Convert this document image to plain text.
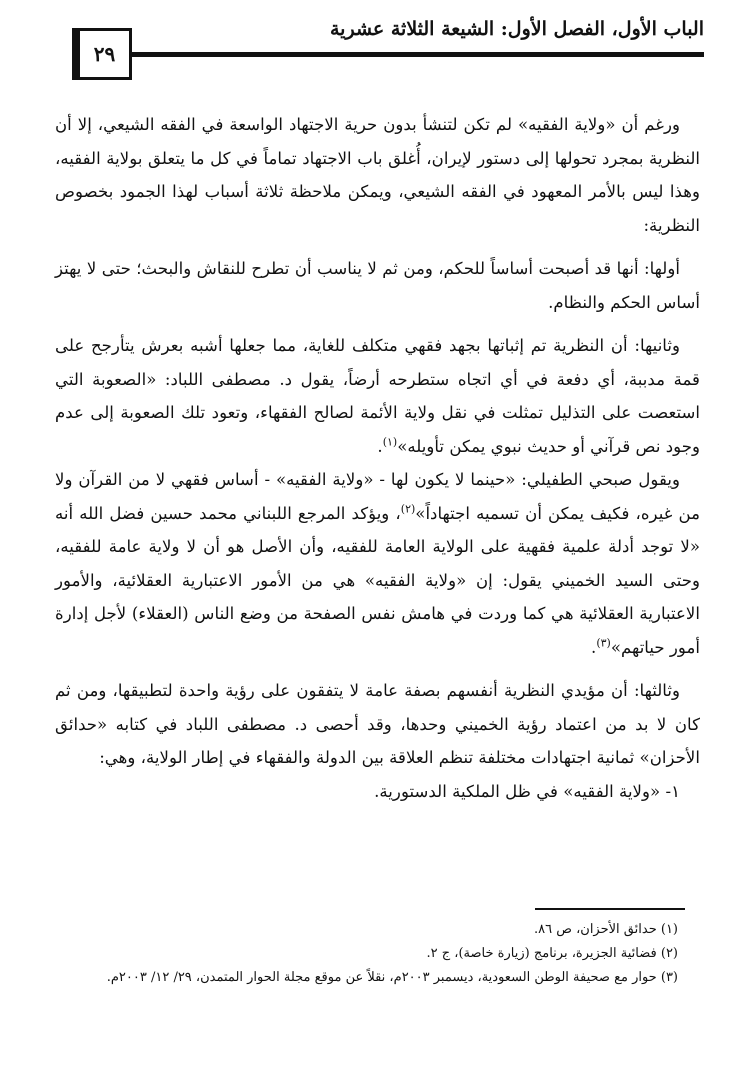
٢٩
الباب الأول، الفصل الأول: الشيعة الثلاثة عشرية

ورغم أن «ولاية الفقيه» لم تكن لتنشأ بدون حرية الاجتهاد الواسعة في الفقه الشيعي، إلا أن النظرية بمجرد تحولها إلى دستور لإيران، أُغلق باب الاجتهاد تماماً في كل ما يتعلق بولاية الفقيه، وهذا ليس بالأمر المعهود في الفقه الشيعي، ويمكن ملاحظة ثلاثة أسباب لهذا الجمود بخصوص النظرية:

أولها: أنها قد أصبحت أساساً للحكم، ومن ثم لا يناسب أن تطرح للنقاش والبحث؛ حتى لا يهتز أساس الحكم والنظام.

وثانيها: أن النظرية تم إثباتها بجهد فقهي متكلف للغاية، مما جعلها أشبه بعرش يتأرجح على قمة مدببة، أي دفعة في أي اتجاه ستطرحه أرضاً، يقول د. مصطفى اللباد: «الصعوبة التي استعصت على التذليل تمثلت في نقل ولاية الأئمة لصالح الفقهاء، وتعود تلك الصعوبة إلى عدم وجود نص قرآني أو حديث نبوي يمكن تأويله»$^{(١)}$.

ويقول صبحي الطفيلي: «حينما لا يكون لها - «ولاية الفقيه» - أساس فقهي لا من القرآن ولا من غيره، فكيف يمكن أن تسميه اجتهاداً»$^{(٢)}$، ويؤكد المرجع اللبناني محمد حسين فضل الله أنه «لا توجد أدلة علمية فقهية على الولاية العامة للفقيه، وأن الأصل هو أن لا ولاية عامة للفقيه، وحتى السيد الخميني يقول: إن «ولاية الفقيه» هي من الأمور الاعتبارية العقلائية، والأمور الاعتبارية العقلائية هي كما وردت في هامش نفس الصفحة من وضع الناس (العقلاء) لأجل إدارة أمور حياتهم»$^{(٣)}$.

وثالثها: أن مؤيدي النظرية أنفسهم بصفة عامة لا يتفقون على رؤية واحدة لتطبيقها، ومن ثم كان لا بد من اعتماد رؤية الخميني وحدها، وقد أحصى د. مصطفى اللباد في كتابه «حدائق الأحزان» ثمانية اجتهادات مختلفة تنظم العلاقة بين الدولة والفقهاء في إطار الولاية، وهي:

١- «ولاية الفقيه» في ظل الملكية الدستورية.

(١) حدائق الأحزان، ص ٨٦.
(٢) فضائية الجزيرة، برنامج (زيارة خاصة)، ج ٢.
(٣) حوار مع صحيفة الوطن السعودية، ديسمبر ٢٠٠٣م، نقلاً عن موقع مجلة الحوار المتمدن، ٢٩/ ١٢/ ٢٠٠٣م.
